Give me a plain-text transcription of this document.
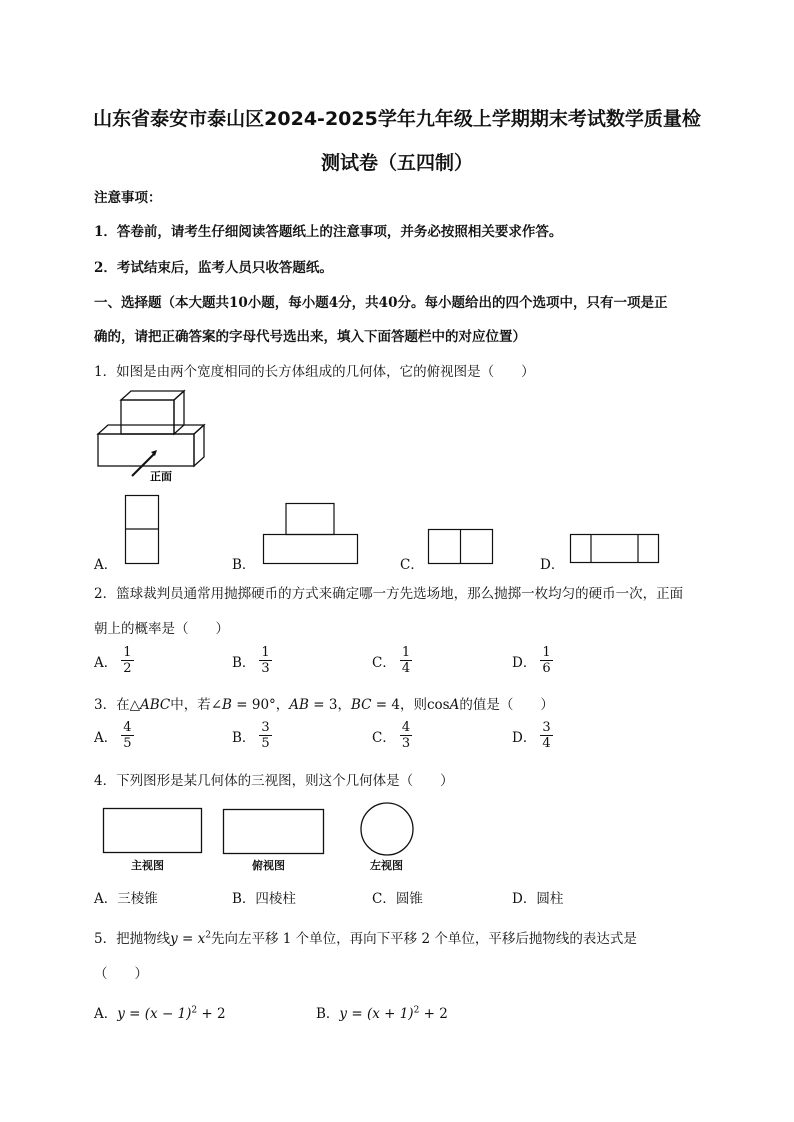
山东省泰安市泰山区2024-2025学年九年级上学期期末考试数学质量检
测试卷（五四制）
注意事项：
1．答卷前，请考生仔细阅读答题纸上的注意事项，并务必按照相关要求作答。
2．考试结束后，监考人员只收答题纸。
一、选择题（本大题共10小题，每小题4分，共40分。每小题给出的四个选项中，只有一项是正
确的，请把正确答案的字母代号选出来，填入下面答题栏中的对应位置）
1．如图是由两个宽度相同的长方体组成的几何体，它的俯视图是（　　）
正面
A．	B．	C．	D．
2．篮球裁判员通常用抛掷硬币的方式来确定哪一方先选场地，那么抛掷一枚均匀的硬币一次，正面
朝上的概率是（　　）
A． $\frac{1}{2}$	B． $\frac{1}{3}$	C． $\frac{1}{4}$	D． $\frac{1}{6}$
3．在△ABC中，若∠B = 90°，AB = 3，BC = 4，则cosA的值是（　　）
A． $\frac{4}{5}$	B． $\frac{3}{5}$	C． $\frac{4}{3}$	D． $\frac{3}{4}$
4．下列图形是某几何体的三视图，则这个几何体是（　　）
主视图	俯视图	左视图
A．三棱锥	B．四棱柱	C．圆锥	D．圆柱
5．把抛物线$y = x^2$先向左平移 1 个单位，再向下平移 2 个单位，平移后抛物线的表达式是
（　　）
A．$y = (x - 1)^2 + 2$	B．$y = (x + 1)^2 + 2$
